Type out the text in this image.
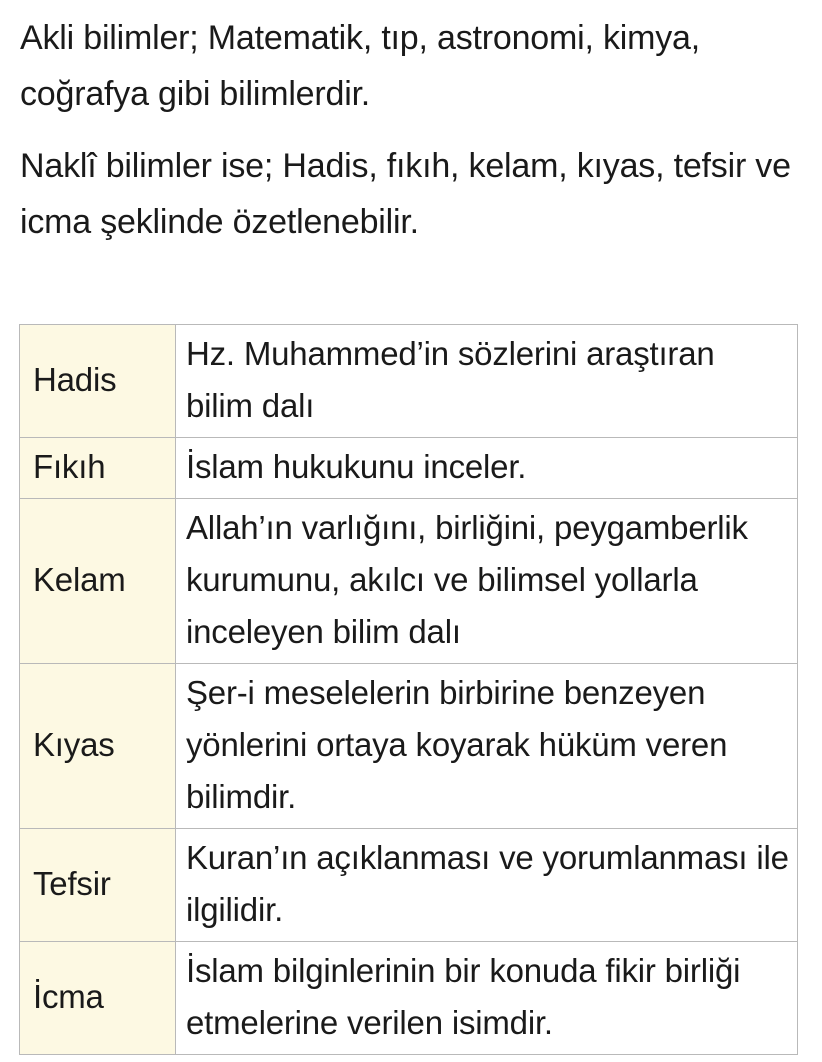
Akli bilimler; Matematik, tıp, astronomi, kimya, coğrafya gibi bilimlerdir.

Naklî bilimler ise; Hadis, fıkıh, kelam, kıyas, tefsir ve icma şeklinde özetlenebilir.

Hadis	Hz. Muhammed’in sözlerini araştıran bilim dalı
Fıkıh	İslam hukukunu inceler.
Kelam	Allah’ın varlığını, birliğini, peygamberlik kurumunu, akılcı ve bilimsel yollarla inceleyen bilim dalı
Kıyas	Şer-i meselelerin birbirine benzeyen yönlerini ortaya koyarak hüküm veren bilimdir.
Tefsir	Kuran’ın açıklanması ve yorumlanması ile ilgilidir.
İcma	İslam bilginlerinin bir konuda fikir birliği etmelerine verilen isimdir.
